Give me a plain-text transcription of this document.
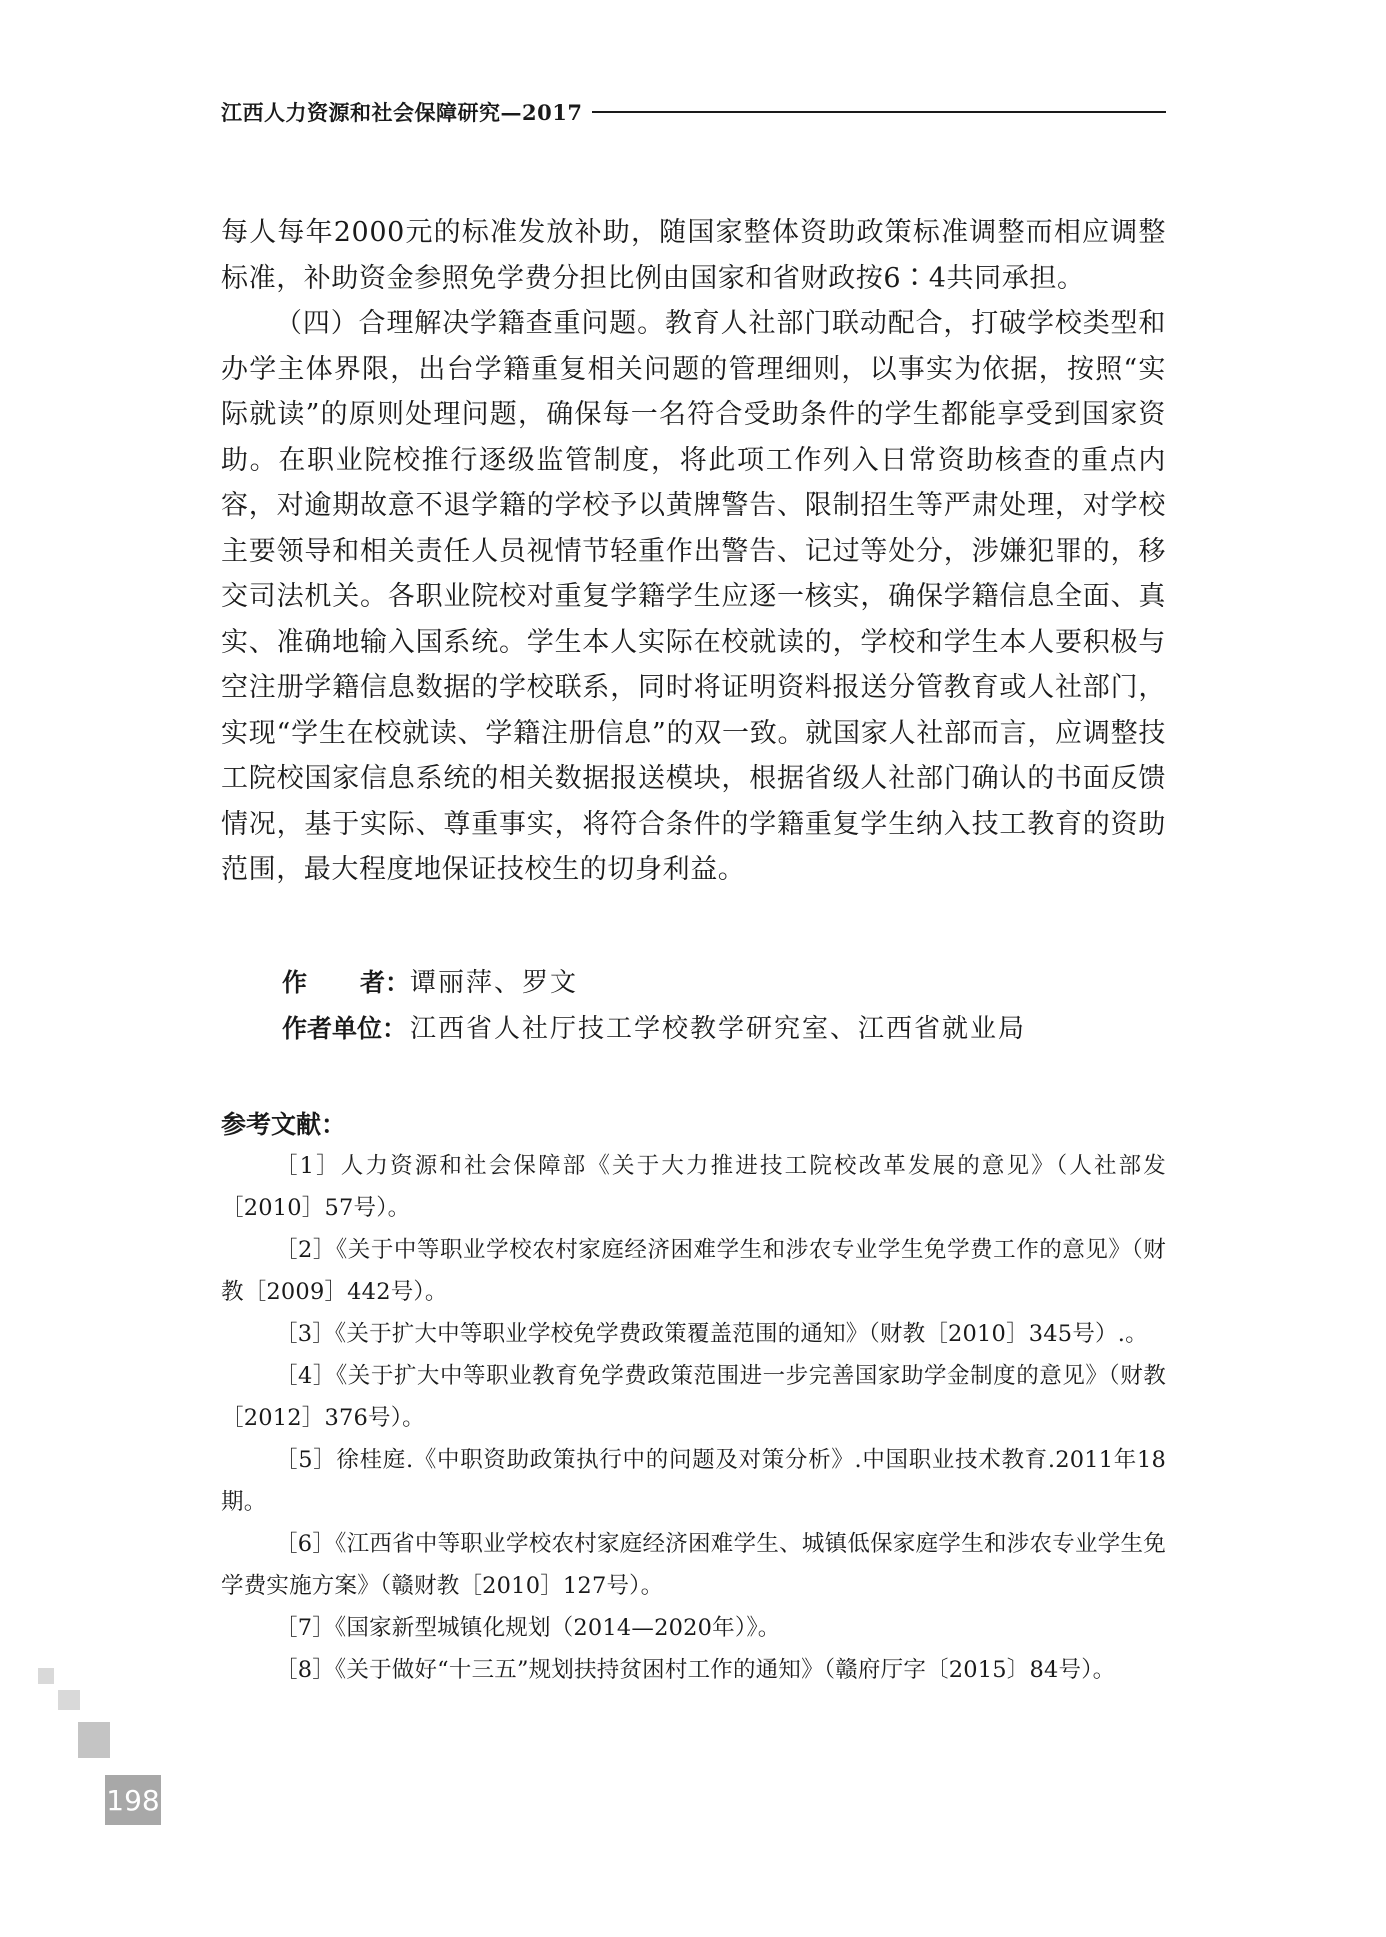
江西人力资源和社会保障研究—2017

每人每年2000元的标准发放补助，随国家整体资助政策标准调整而相应调整标准，补助资金参照免学费分担比例由国家和省财政按6∶4共同承担。

（四）合理解决学籍查重问题。教育人社部门联动配合，打破学校类型和办学主体界限，出台学籍重复相关问题的管理细则，以事实为依据，按照“实际就读”的原则处理问题，确保每一名符合受助条件的学生都能享受到国家资助。在职业院校推行逐级监管制度，将此项工作列入日常资助核查的重点内容，对逾期故意不退学籍的学校予以黄牌警告、限制招生等严肃处理，对学校主要领导和相关责任人员视情节轻重作出警告、记过等处分，涉嫌犯罪的，移交司法机关。各职业院校对重复学籍学生应逐一核实，确保学籍信息全面、真实、准确地输入国系统。学生本人实际在校就读的，学校和学生本人要积极与空注册学籍信息数据的学校联系，同时将证明资料报送分管教育或人社部门，实现“学生在校就读、学籍注册信息”的双一致。就国家人社部而言，应调整技工院校国家信息系统的相关数据报送模块，根据省级人社部门确认的书面反馈情况，基于实际、尊重事实，将符合条件的学籍重复学生纳入技工教育的资助范围，最大程度地保证技校生的切身利益。

作 者： 谭丽萍、罗文
作者单位： 江西省人社厅技工学校教学研究室、江西省就业局
参考文献：

［1］人力资源和社会保障部《关于大力推进技工院校改革发展的意见》（人社部发［2010］57号）。

［2］《关于中等职业学校农村家庭经济困难学生和涉农专业学生免学费工作的意见》（财教［2009］442号）。

［3］《关于扩大中等职业学校免学费政策覆盖范围的通知》（财教［2010］345号）.。

［4］《关于扩大中等职业教育免学费政策范围进一步完善国家助学金制度的意见》（财教［2012］376号）。

［5］徐桂庭.《中职资助政策执行中的问题及对策分析》.中国职业技术教育.2011年18期。

［6］《江西省中等职业学校农村家庭经济困难学生、城镇低保家庭学生和涉农专业学生免学费实施方案》（赣财教［2010］127号）。

［7］《国家新型城镇化规划（2014—2020年）》。

［8］《关于做好“十三五”规划扶持贫困村工作的通知》（赣府厅字〔2015〕84号）。

198
